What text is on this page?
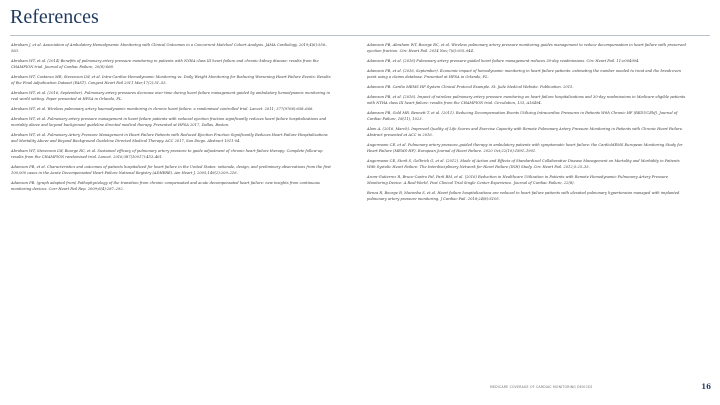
References

Abraham J, et al. Association of Ambulatory Hemodynamic Monitoring with Clinical Outcomes in a Concurrent Matched Cohort Analysis. JAMA Cardiology. 2019;4(6):556–563.

Abraham WT, et al. (2014) Benefits of pulmonary artery pressure monitoring in patients with NYHA class III heart failure and chronic kidney disease: results from the CHAMPION trial. Journal of Cardiac Failure, 20(8):S68.

Abraham WT, Costanzo MR, Stevenson LW, et al. Intra-Cardiac Hemodynamic Monitoring vs. Daily Weight Monitoring for Reducing Worsening Heart Failure Events: Results of the Final Adjudication Dataset (FAST). Congest Heart Fail 2011 Mar;17(2):51–55.

Abraham WT, et al. (2016, September). Pulmonary artery pressures decrease over time during heart failure management guided by ambulatory hemodynamic monitoring in real world setting. Paper presented at HFSA in Orlando, FL.

Abraham WT, et al. Wireless pulmonary artery haemodynamic monitoring in chronic heart failure: a randomised controlled trial. Lancet. 2011; 377(9766):658–666.

Abraham WT, et al. Pulmonary artery pressure management in heart failure patients with reduced ejection fraction significantly reduces heart failure hospitalizations and mortality above and beyond background guideline directed medical therapy. Presented at HFSA 2017, Dallas, Boston.

Abraham WT, et al. Pulmonary Artery Pressure Management in Heart Failure Patients with Reduced Ejection Fraction Significantly Reduces Heart Failure Hospitalizations and Mortality Above and Beyond Background Guideline Directed Medical Therapy. ACC 2017, San Diego. Abstract 1011-04.

Abraham WT, Stevenson LW, Bourge RC, et al. Sustained efficacy of pulmonary artery pressure to guide adjustment of chronic heart failure therapy: Complete follow-up results from the CHAMPION randomised trial. Lancet. 2016;387(10017):453–461.

Adamson PB, et al. Characteristics and outcomes of patients hospitalized for heart failure in the United States: rationale, design, and preliminary observations from the first 100,000 cases in the Acute Decompensated Heart Failure National Registry (ADHERE). Am Heart J. 2005;149(2):209–216.

Adamson PB. (graph adapted from) Pathophysiology of the transition from chronic compensated and acute decompensated heart failure: new insights from continuous monitoring devices. Curr Heart Fail Rep. 2009;6(4):287–292.

Adamson PB, Abraham WT, Bourge RC, et al. Wireless pulmonary artery pressure monitoring guides management to reduce decompensation in heart failure with preserved ejection fraction. Circ Heart Fail. 2014 Nov;7(6):935–944.

Adamson PB, et al. (2016) Pulmonary artery pressure-guided heart failure management reduces 30-day readmissions. Circ Heart Fail. 11:e004904.

Adamson PB, et al. (2016, September). Economic impact of hemodynamic monitoring in heart failure patients: estimating the number needed to treat and the break-even point using a claims database. Presented at HFSA in Orlando, FL.

Adamson PB. Cardio MEMS HF System Clinical Protocol Example. St. Jude Medical Website. Publication. 2015.

Adamson PB, et al. (2016). Impact of wireless pulmonary artery pressure monitoring on heart failure hospitalizations and 30-day readmissions in Medicare-eligible patients with NYHA class III heart failure: results from the CHAMPION trial. Circulation, 133, A16494.

Adamson PB, Gold MR, Bennett T, et al. (2011). Reducing Decompensation Events Utilizing Intracardiac Pressures in Patients With Chronic HF (REDUCEhf). Journal of Cardiac Failure, 18(11), 1023.

Alam A. (2016, March). Improved Quality of Life Scores and Exercise Capacity with Remote Pulmonary Artery Pressure Monitoring in Patients with Chronic Heart Failure. Abstract presented at ACC in 2016.

Angermann CE, et al. Pulmonary artery pressure–guided therapy in ambulatory patients with symptomatic heart failure: the CardioMEMS European Monitoring Study for Heart Failure (MEMS-HF). European Journal of Heart Failure. 2020 Oct;22(10):1891–1901.

Angermann CE, Stork S, Gelbrich G, et al. (2012). Mode of Action and Effects of Standardized Collaborative Disease Management on Mortality and Morbidity in Patients With Systolic Heart Failure: The Interdisciplinary Network for Heart Failure (INH) Study. Circ Heart Fail. 2012;5:25–35.

Arora-Gutierrez R, Bruce-Castro Pal, Park BM, et al. (2016) Reduction in Healthcare Utilization in Patients with Remote Hemodynamic Pulmonary Artery Pressure Monitoring Device: A Real-World, Post Clinical Trial Single Center Experience. Journal of Cardiac Failure, 22(8).

Benza R, Bourge R, Mazimba S, et al. Heart failure hospitalizations are reduced in heart failure patients with elevated pulmonary hypertension managed with implanted pulmonary artery pressure monitoring. J Cardiac Fail. 2018;24(8):S105.

MEDICARE COVERAGE OF CARDIAC MONITORING DEVICES	16
